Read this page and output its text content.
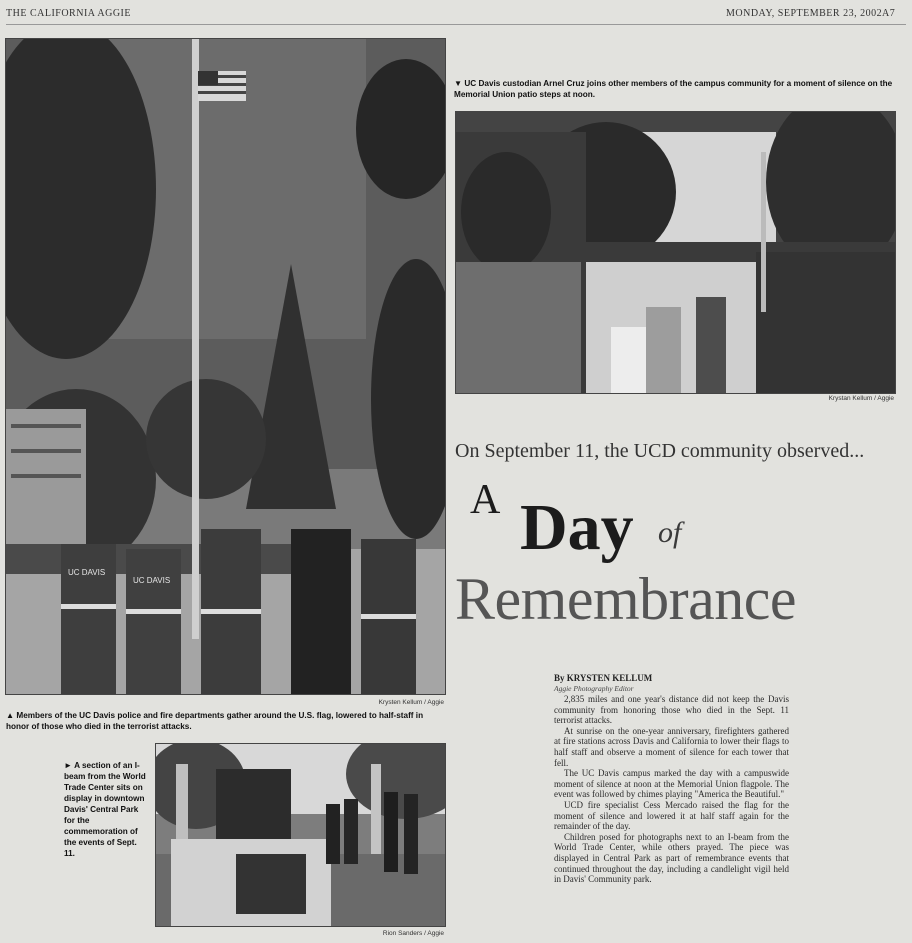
THE CALIFORNIA AGGIE	MONDAY, SEPTEMBER 23, 2002 A7
UC DAVIS
UC DAVIS
Krysten Kellum / Aggie
▲ Members of the UC Davis police and fire departments gather around the U.S. flag, lowered to half-staff in honor of those who died in the terrorist attacks.
▼ UC Davis custodian Arnel Cruz joins other members of the campus community for a moment of silence on the Memorial Union patio steps at noon.
Krystan Kellum / Aggie
On September 11, the UCD community observed...
A Day of
Remembrance
By KRYSTEN KELLUM
Aggie Photography Editor

2,835 miles and one year's distance did not keep the Davis community from honoring those who died in the Sept. 11 terrorist attacks.

At sunrise on the one-year anniversary, firefighters gathered at fire stations across Davis and California to lower their flags to half staff and observe a moment of silence for each tower that fell.

The UC Davis campus marked the day with a campuswide moment of silence at noon at the Memorial Union flagpole. The event was followed by chimes playing "America the Beautiful."

UCD fire specialist Cess Mercado raised the flag for the moment of silence and lowered it at half staff again for the remainder of the day.

Children posed for photographs next to an I-beam from the World Trade Center, while others prayed. The piece was displayed in Central Park as part of remembrance events that continued throughout the day, including a candlelight vigil held in Davis' Community park.

► A section of an I-beam from the World Trade Center sits on display in downtown Davis' Central Park for the commemoration of the events of Sept. 11.
Rion Sanders / Aggie
